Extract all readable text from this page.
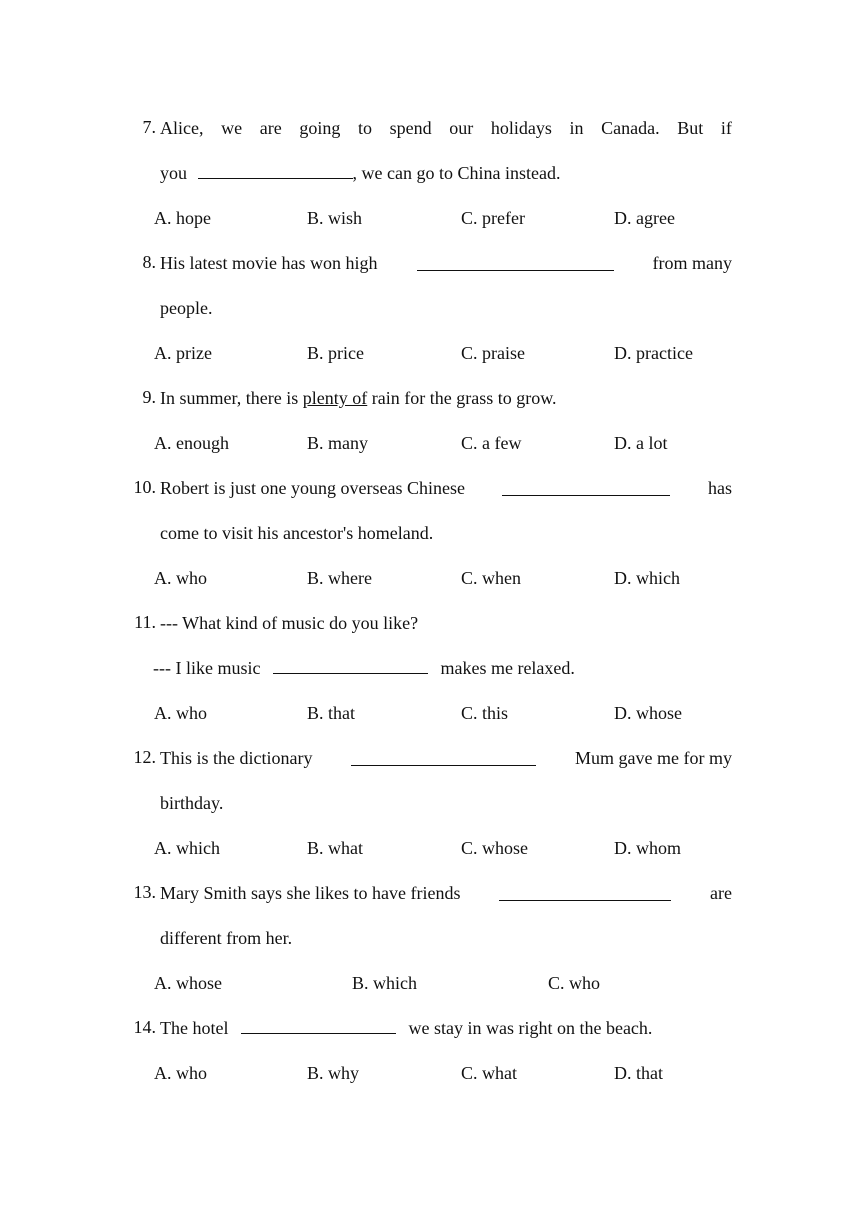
7. Alice, we are going to spend our holidays in Canada. But if
you	, we can go to China instead.
A. hope	B. wish	C. prefer	D. agree
8. His latest movie has won high	from many
people.
A. prize	B. price	C. praise	D. practice
9. In summer, there is plenty of rain for the grass to grow.
A. enough	B. many	C. a few	D. a lot
10. Robert is just one young overseas Chinese	has
come to visit his ancestor's homeland.
A. who	B. where	C. when	D. which
11. --- What kind of music do you like?
--- I like music	makes me relaxed.
A. who	B. that	C. this	D. whose
12. This is the dictionary	Mum gave me for my
birthday.
A. which	B. what	C. whose	D. whom
13. Mary Smith says she likes to have friends	are
different from her.
A. whose	B. which	C. who
14. The hotel	we stay in was right on the beach.
A. who	B. why	C. what	D. that
